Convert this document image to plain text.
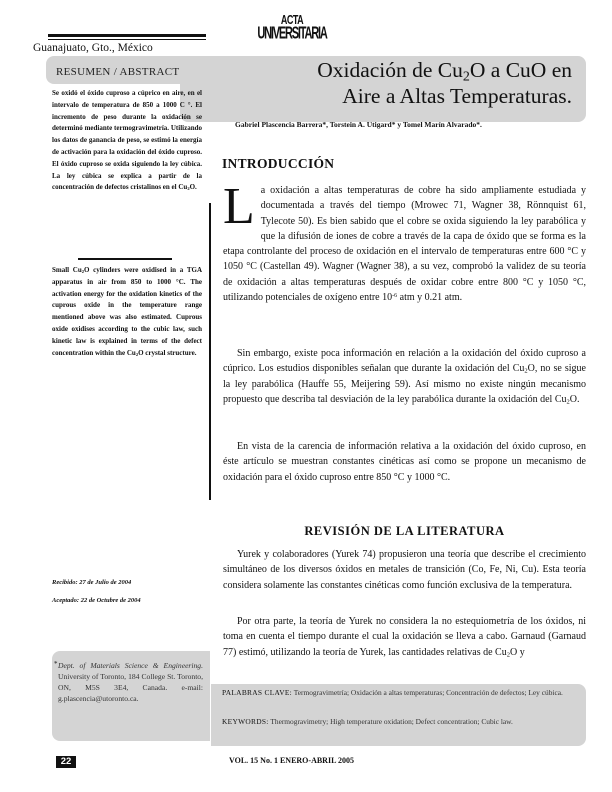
Guanajuato, Gto., México
ACTA
UNIVERSITARIA
RESUMEN / ABSTRACT	Oxidación de $Cu_2O$ a CuO en
Aire a Altas Temperaturas.
Gabriel Plascencia Barrera*, Torstein A. Utigard* y Tomel Marín Alvarado*.
Se oxidó el óxido cuproso a cúprico en aire, en el intervalo de temperatura de 850 a 1000 C °. El incremento de peso durante la oxidación se determinó mediante termogravimetría. Utilizando los datos de ganancia de peso, se estimó la energía de activación para la oxidación del óxido cuproso. El óxido cuproso se oxida siguiendo la ley cúbica. La ley cúbica se explica a partir de la concentración de defectos cristalinos en el $Cu_2O$.
Small $Cu_2O$ cylinders were oxidised in a TGA apparatus in air from 850 to 1000 °C. The activation energy for the oxidation kinetics of the cuprous oxide in the temperature range mentioned above was also estimated. Cuprous oxide oxidises according to the cubic law, such kinetic law is explained in terms of the defect concentration within the $Cu_2O$ crystal structure.
INTRODUCCIÓN
La oxidación a altas temperaturas de cobre ha sido ampliamente estudiada y documentada a través del tiempo (Mrowec 71, Wagner 38, Rönnquist 61, Tylecote 50). Es bien sabido que el cobre se oxida siguiendo la ley parabólica y que la difusión de iones de cobre a través de la capa de óxido que se forma es la etapa controlante del proceso de oxidación en el intervalo de temperaturas entre 600 °C y 1050 °C (Castellan 49). Wagner (Wagner 38), a su vez, comprobó la validez de su teoría de oxidación a altas temperaturas después de oxidar cobre entre 800 °C y 1050 °C, utilizando potenciales de oxígeno entre $10^{-6}$ atm y 0.21 atm.
Sin embargo, existe poca información en relación a la oxidación del óxido cuproso a cúprico. Los estudios disponibles señalan que durante la oxidación del $Cu_2O$, no se sigue la ley parabólica (Hauffe 55, Meijering 59). Así mismo no existe ningún mecanismo propuesto que describa tal desviación de la ley parabólica durante la oxidación del $Cu_2O$.
En vista de la carencia de información relativa a la oxidación del óxido cuproso, en éste artículo se muestran constantes cinéticas así como se propone un mecanismo de oxidación para el óxido cuproso entre 850 °C y 1000 °C.
REVISIÓN DE LA LITERATURA
Yurek y colaboradores (Yurek 74) propusieron una teoría que describe el crecimiento simultáneo de los diversos óxidos en metales de transición (Co, Fe, Ni, Cu). Esta teoría considera solamente las constantes cinéticas como función exclusiva de la temperatura.
Por otra parte, la teoría de Yurek no considera la no estequiometría de los óxidos, ni toma en cuenta el tiempo durante el cual la oxidación se lleva a cabo. Garnaud (Garnaud 77) estimó, utilizando la teoría de Yurek, las cantidades relativas de $Cu_2O$ y
Recibido: 27 de Julio de 2004
Aceptado: 22 de Octubre de 2004
* Dept. of Materials Science & Engineering. University of Toronto, 184 College St. Toronto, ON, M5S 3E4, Canada. e-mail: g.plascencia@utoronto.ca.
PALABRAS CLAVE: Termogravimetría; Oxidación a altas temperaturas; Concentración de defectos; Ley cúbica.
KEYWORDS: Thermogravimetry; High temperature oxidation; Defect concentration; Cubic law.
22	VOL. 15 No. 1 ENERO-ABRIL 2005
